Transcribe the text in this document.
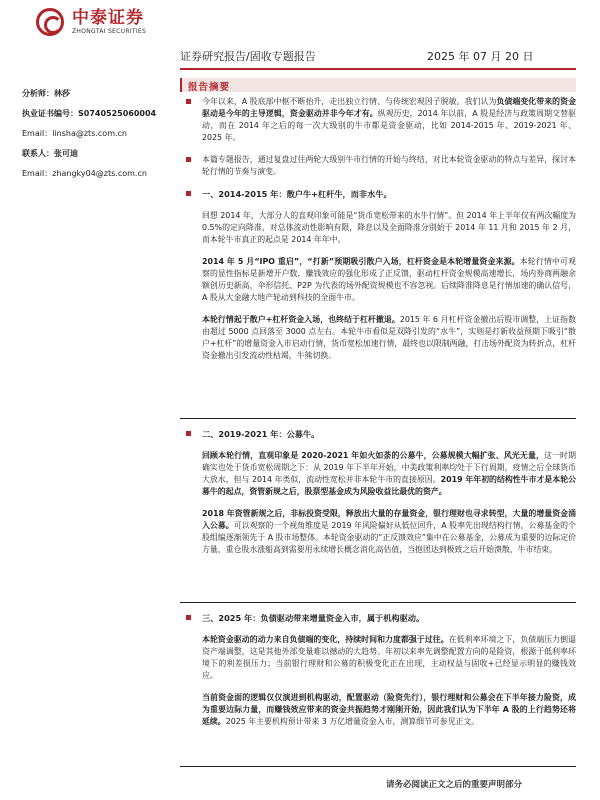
中泰证券
ZHONGTAI SECURITIES
证券研究报告/固收专题报告	2025 年 07 月 20 日
分析师：林莎
执业证书编号：S0740525060004
Email：linsha@zts.com.cn
联系人：张可迪
Email：zhangky04@zts.com.cn
报告摘要
今年以来，A 股底部中枢不断抬升，走出独立行情、与传统宏观因子脱敏。我们认为负债端变化带来的资金驱动是今年的主导逻辑，资金驱动并非今年才有。纵观历史，2014 年以前，A 股是经济与政策周期交替驱动，而在 2014 年之后的每一次大级别的牛市都是资金驱动，比如 2014-2015 年、2019-2021 年、2025 年。
本篇专题报告，通过复盘过往两轮大级别牛市行情的开始与终结，对比本轮资金驱动的特点与差异，探讨本轮行情的节奏与演变。
一、2014-2015 年：散户牛+杠杆牛，而非水牛。
回想 2014 年，大部分人的直观印象可能是“货币宽松带来的水牛行情”。但 2014 年上半年仅有两次幅度为 0.5%的定向降准，对总体流动性影响有限，降息以及全面降准分别始于 2014 年 11 月和 2015 年 2 月，而本轮牛市真正的起点是 2014 年年中。
2014 年 5 月“IPO 重启”，“打新”预期吸引散户入场，杠杆资金是本轮增量资金来源。本轮行情中可观察的显性指标是新增开户数，赚钱效应的强化形成了正反馈，驱动杠杆资金规模高速增长，场内券商两融余额创历史新高，伞形信托、P2P 为代表的场外配资规模也不容忽视。后续降准降息是行情加速的确认信号，A 股从大金融大地产轮动到科技的全面牛市。
本轮行情起于散户+杠杆资金入场，也终结于杠杆撤退。2015 年 6 月杠杆资金撤出后股市调整，上证指数由超过 5000 点回落至 3000 点左右。本轮牛市看似是双降引发的“水牛”，实则是打新收益预期下吸引“散户+杠杆”的增量资金入市启动行情，货币宽松加速行情，最终也以限制两融，打击场外配资为转折点，杠杆资金撤出引发流动性枯竭，牛熊切换。
二、2019-2021 年：公募牛。
回顾本轮行情，直观印象是 2020-2021 年如火如荼的公募牛，公募规模大幅扩张、风光无量，这一时期确实也处于货币宽松周期之下：从 2019 年下半年开始，中美政策利率均处于下行周期，疫情之后全球货币大放水，但与 2014 年类似，流动性宽松并非本轮牛市的直接原因。2019 年年初的结构性牛市才是本轮公募牛的起点，资管新规之后，股票型基金成为风险收益比最优的资产。
2018 年资管新规之后，非标投资受限，释放出大量的存量资金，银行理财也寻求转型，大量的增量资金涌入公募。可以观察的一个视角维度是 2019 年风险偏好从低位回升，A 股率先出现结构行情，公募基金的个股组编逐渐领先于 A 股市场整体。本轮资金驱动的“正反馈效应”集中在公募基金，公募成为重要的边际定价方量，重仓股水涨船高到需要用永续增长概念消化高估值，当抱团达到极致之后开始溃散，牛市结束。
三、2025 年：负债驱动带来增量资金入市，属于机构驱动。
本轮资金驱动的动力来自负债端的变化，持续时间和力度都强于过往。在低利率环境之下，负债端压力倒逼资产端调整，这是其他外部变量难以撼动的大趋势。年初以来率先调整配置方向的是险资，根源于低利率环境下的利差损压力；当前银行理财和公募的积极变化正在出现，主动权益与固收+已经显示明显的赚钱效应。
当前资金面的逻辑仅仅演进到机构驱动，配置驱动（险资先行），银行理财和公募会在下半年接力险资，成为重要边际力量，而赚钱效应带来的资金共振趋势才刚刚开始，因此我们认为下半年 A 股的上行趋势还将延续。2025 年主要机构预计带来 3 万亿增量资金入市，测算细节可参见正文。
请务必阅读正文之后的重要声明部分
